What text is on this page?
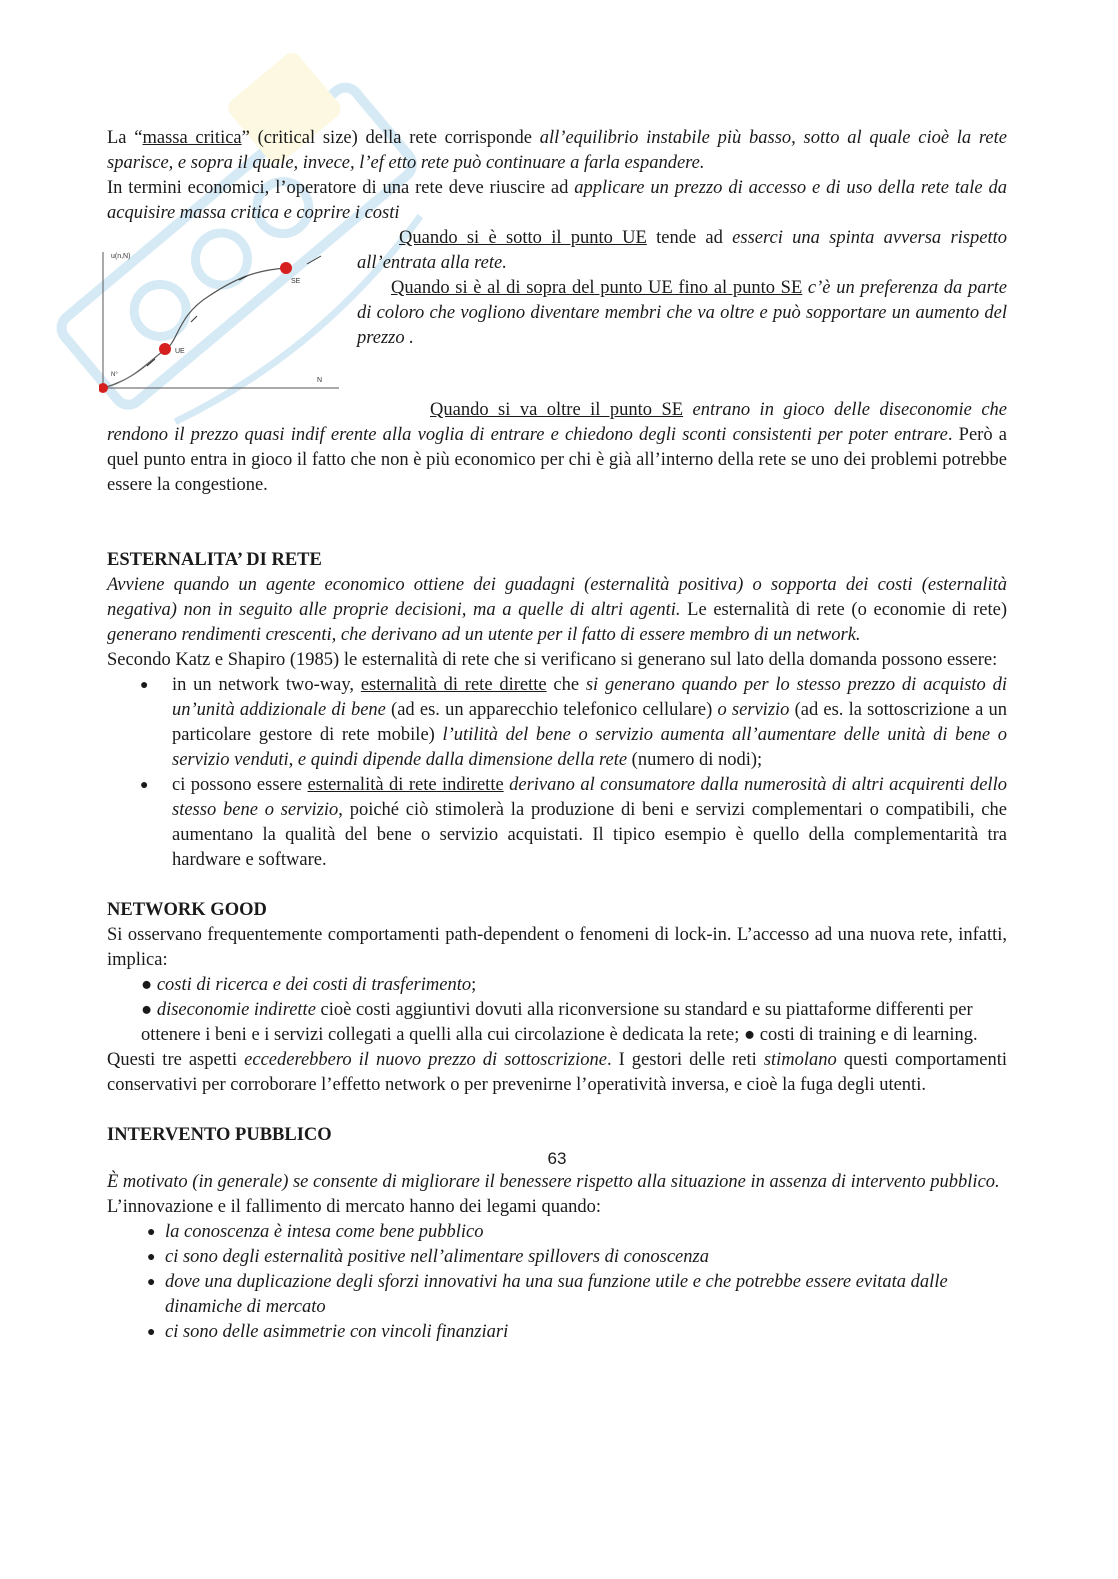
La “massa critica” (critical size) della rete corrisponde all’equilibrio instabile più basso, sotto al quale cioè la rete sparisce, e sopra il quale, invece, l’ef etto rete può continuare a farla espandere.

In termini economici, l’operatore di una rete deve riuscire ad applicare un prezzo di accesso e di uso della rete tale da acquisire massa critica e coprire i costi

u(n,N)
N
N°
UE
SE

Quando si è sotto il punto UE tende ad esserci una spinta avversa rispetto all’entrata alla rete.

Quando si è al di sopra del punto UE fino al punto SE c’è un preferenza da parte di coloro che vogliono diventare membri che va oltre e può sopportare un aumento del prezzo .

Quando si va oltre il punto SE entrano in gioco delle diseconomie che rendono il prezzo quasi indif erente alla voglia di entrare e chiedono degli sconti consistenti per poter entrare. Però a quel punto entra in gioco il fatto che non è più economico per chi è già all’interno della rete se uno dei problemi potrebbe essere la congestione.

ESTERNALITA’ DI RETE

Avviene quando un agente economico ottiene dei guadagni (esternalità positiva) o sopporta dei costi (esternalità negativa) non in seguito alle proprie decisioni, ma a quelle di altri agenti. Le esternalità di rete (o economie di rete) generano rendimenti crescenti, che derivano ad un utente per il fatto di essere membro di un network.

Secondo Katz e Shapiro (1985) le esternalità di rete che si verificano si generano sul lato della domanda possono essere:

● in un network two-way, esternalità di rete dirette che si generano quando per lo stesso prezzo di acquisto di un’unità addizionale di bene (ad es. un apparecchio telefonico cellulare) o servizio (ad es. la sottoscrizione a un particolare gestore di rete mobile) l’utilità del bene o servizio aumenta all’aumentare delle unità di bene o servizio venduti, e quindi dipende dalla dimensione della rete (numero di nodi);
● ci possono essere esternalità di rete indirette derivano al consumatore dalla numerosità di altri acquirenti dello stesso bene o servizio, poiché ciò stimolerà la produzione di beni e servizi complementari o compatibili, che aumentano la qualità del bene o servizio acquistati. Il tipico esempio è quello della complementarità tra hardware e software.
NETWORK GOOD

Si osservano frequentemente comportamenti path-dependent o fenomeni di lock-in. L’accesso ad una nuova rete, infatti, implica:

● costi di ricerca e dei costi di trasferimento;

● diseconomie indirette cioè costi aggiuntivi dovuti alla riconversione su standard e su piattaforme differenti per ottenere i beni e i servizi collegati a quelli alla cui circolazione è dedicata la rete; ● costi di training e di learning.

Questi tre aspetti eccederebbero il nuovo prezzo di sottoscrizione. I gestori delle reti stimolano questi comportamenti conservativi per corroborare l’effetto network o per prevenirne l’operatività inversa, e cioè la fuga degli utenti.

INTERVENTO PUBBLICO
63

È motivato (in generale) se consente di migliorare il benessere rispetto alla situazione in assenza di intervento pubblico.

L’innovazione e il fallimento di mercato hanno dei legami quando:

● la conoscenza è intesa come bene pubblico
● ci sono degli esternalità positive nell’alimentare spillovers di conoscenza
● dove una duplicazione degli sforzi innovativi ha una sua funzione utile e che potrebbe essere evitata dalle dinamiche di mercato
● ci sono delle asimmetrie con vincoli finanziari
